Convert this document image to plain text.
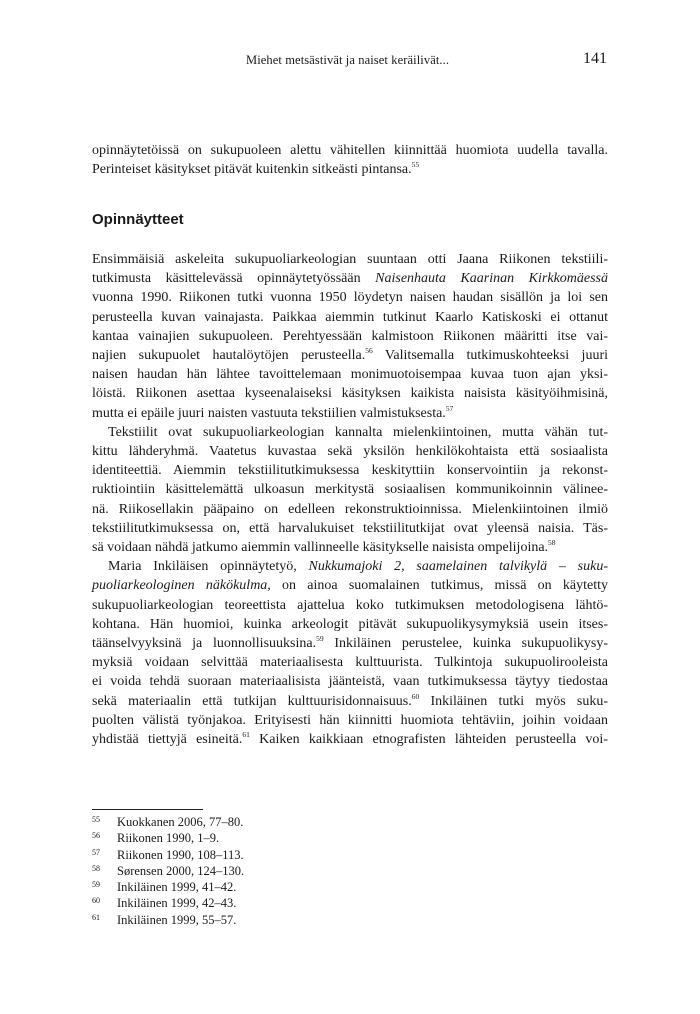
Miehet metsästivät ja naiset keräilivät...	141
opinnäytetöissä on sukupuoleen alettu vähitellen kiinnittää huomiota uudella tavalla.
Perinteiset käsitykset pitävät kuitenkin sitkeästi pintansa.$^{55}$
Opinnäytteet
Ensimmäisiä askeleita sukupuoliarkeologian suuntaan otti Jaana Riikonen tekstiili-
tutkimusta käsittelevässä opinnäytetyössään Naisenhauta Kaarinan Kirkkomäessä
vuonna 1990. Riikonen tutki vuonna 1950 löydetyn naisen haudan sisällön ja loi sen
perusteella kuvan vainajasta. Paikkaa aiemmin tutkinut Kaarlo Katiskoski ei ottanut
kantaa vainajien sukupuoleen. Perehtyessään kalmistoon Riikonen määritti itse vai-
najien sukupuolet hautalöytöjen perusteella.$^{56}$ Valitsemalla tutkimuskohteeksi juuri
naisen haudan hän lähtee tavoittelemaan monimuotoisempaa kuvaa tuon ajan yksi-
löistä. Riikonen asettaa kyseenalaiseksi käsityksen kaikista naisista käsityöihmisinä,
mutta ei epäile juuri naisten vastuuta tekstiilien valmistuksesta.$^{57}$
Tekstiilit ovat sukupuoliarkeologian kannalta mielenkiintoinen, mutta vähän tut-
kittu lähderyhmä. Vaatetus kuvastaa sekä yksilön henkilökohtaista että sosiaalista
identiteettiä. Aiemmin tekstiilitutkimuksessa keskityttiin konservointiin ja rekonst-
ruktiointiin käsittelemättä ulkoasun merkitystä sosiaalisen kommunikoinnin välinee-
nä. Riikosellakin pääpaino on edelleen rekonstruktioinnissa. Mielenkiintoinen ilmiö
tekstiilitutkimuksessa on, että harvalukuiset tekstiilitutkijat ovat yleensä naisia. Täs-
sä voidaan nähdä jatkumo aiemmin vallinneelle käsitykselle naisista ompelijoina.$^{58}$
Maria Inkiläisen opinnäytetyö, Nukkumajoki 2, saamelainen talvikylä – suku-
puoliarkeologinen näkökulma, on ainoa suomalainen tutkimus, missä on käytetty
sukupuoliarkeologian teoreettista ajattelua koko tutkimuksen metodologisena lähtö-
kohtana. Hän huomioi, kuinka arkeologit pitävät sukupuolikysymyksiä usein itses-
täänselvyyksinä ja luonnollisuuksina.$^{59}$ Inkiläinen perustelee, kuinka sukupuolikysy-
myksiä voidaan selvittää materiaalisesta kulttuurista. Tulkintoja sukupuolirooleista
ei voida tehdä suoraan materiaalisista jäänteistä, vaan tutkimuksessa täytyy tiedostaa
sekä materiaalin että tutkijan kulttuurisidonnaisuus.$^{60}$ Inkiläinen tutki myös suku-
puolten välistä työnjakoa. Erityisesti hän kiinnitti huomiota tehtäviin, joihin voidaan
yhdistää tiettyjä esineitä.$^{61}$ Kaiken kaikkiaan etnografisten lähteiden perusteella voi-
55	Kuokkanen 2006, 77–80.
56	Riikonen 1990, 1–9.
57	Riikonen 1990, 108–113.
58	Sørensen 2000, 124–130.
59	Inkiläinen 1999, 41–42.
60	Inkiläinen 1999, 42–43.
61	Inkiläinen 1999, 55–57.
